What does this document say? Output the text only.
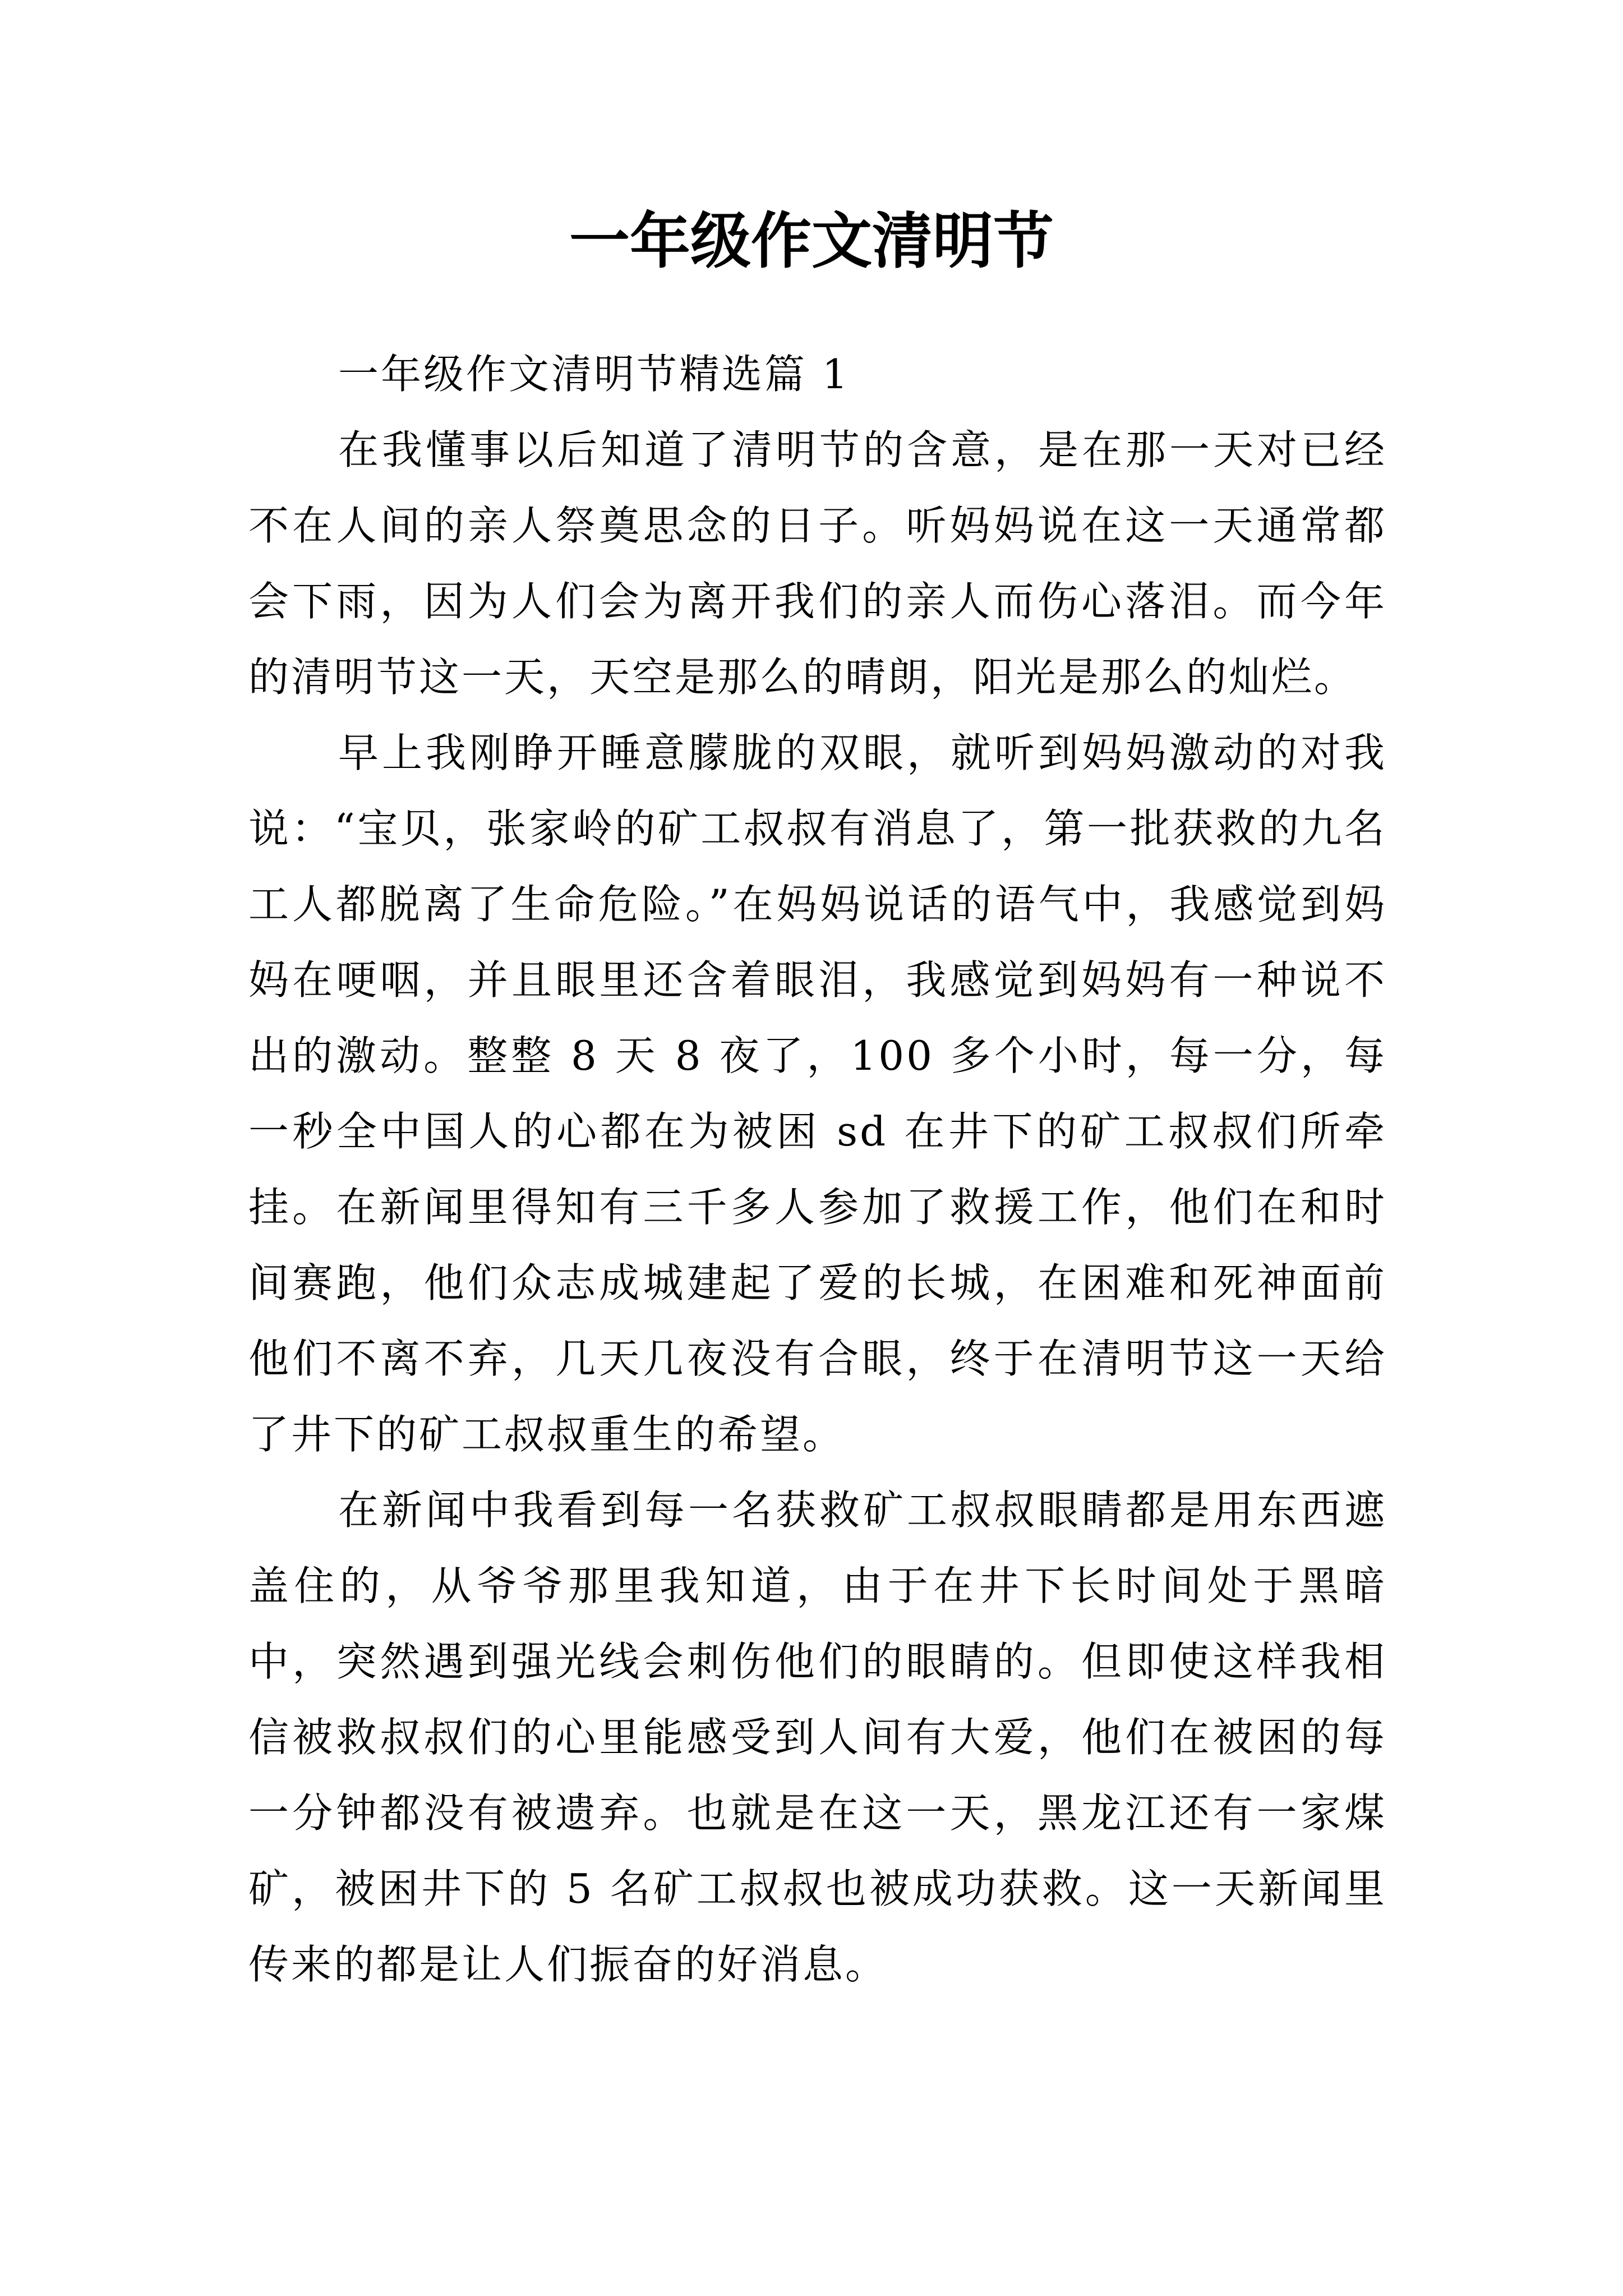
一年级作文清明节

一年级作文清明节精选篇 1

在我懂事以后知道了清明节的含意，是在那一天对已经不在人间的亲人祭奠思念的日子。听妈妈说在这一天通常都会下雨，因为人们会为离开我们的亲人而伤心落泪。而今年的清明节这一天，天空是那么的晴朗，阳光是那么的灿烂。

早上我刚睁开睡意朦胧的双眼，就听到妈妈激动的对我说：“宝贝，张家岭的矿工叔叔有消息了，第一批获救的九名工人都脱离了生命危险。”在妈妈说话的语气中，我感觉到妈妈在哽咽，并且眼里还含着眼泪，我感觉到妈妈有一种说不出的激动。整整 8 天 8 夜了，100 多个小时，每一分，每一秒全中国人的心都在为被困 sd 在井下的矿工叔叔们所牵挂。在新闻里得知有三千多人参加了救援工作，他们在和时间赛跑，他们众志成城建起了爱的长城，在困难和死神面前他们不离不弃，几天几夜没有合眼，终于在清明节这一天给了井下的矿工叔叔重生的希望。

在新闻中我看到每一名获救矿工叔叔眼睛都是用东西遮盖住的，从爷爷那里我知道，由于在井下长时间处于黑暗中，突然遇到强光线会刺伤他们的眼睛的。但即使这样我相信被救叔叔们的心里能感受到人间有大爱，他们在被困的每一分钟都没有被遗弃。也就是在这一天，黑龙江还有一家煤矿，被困井下的 5 名矿工叔叔也被成功获救。这一天新闻里传来的都是让人们振奋的好消息。
